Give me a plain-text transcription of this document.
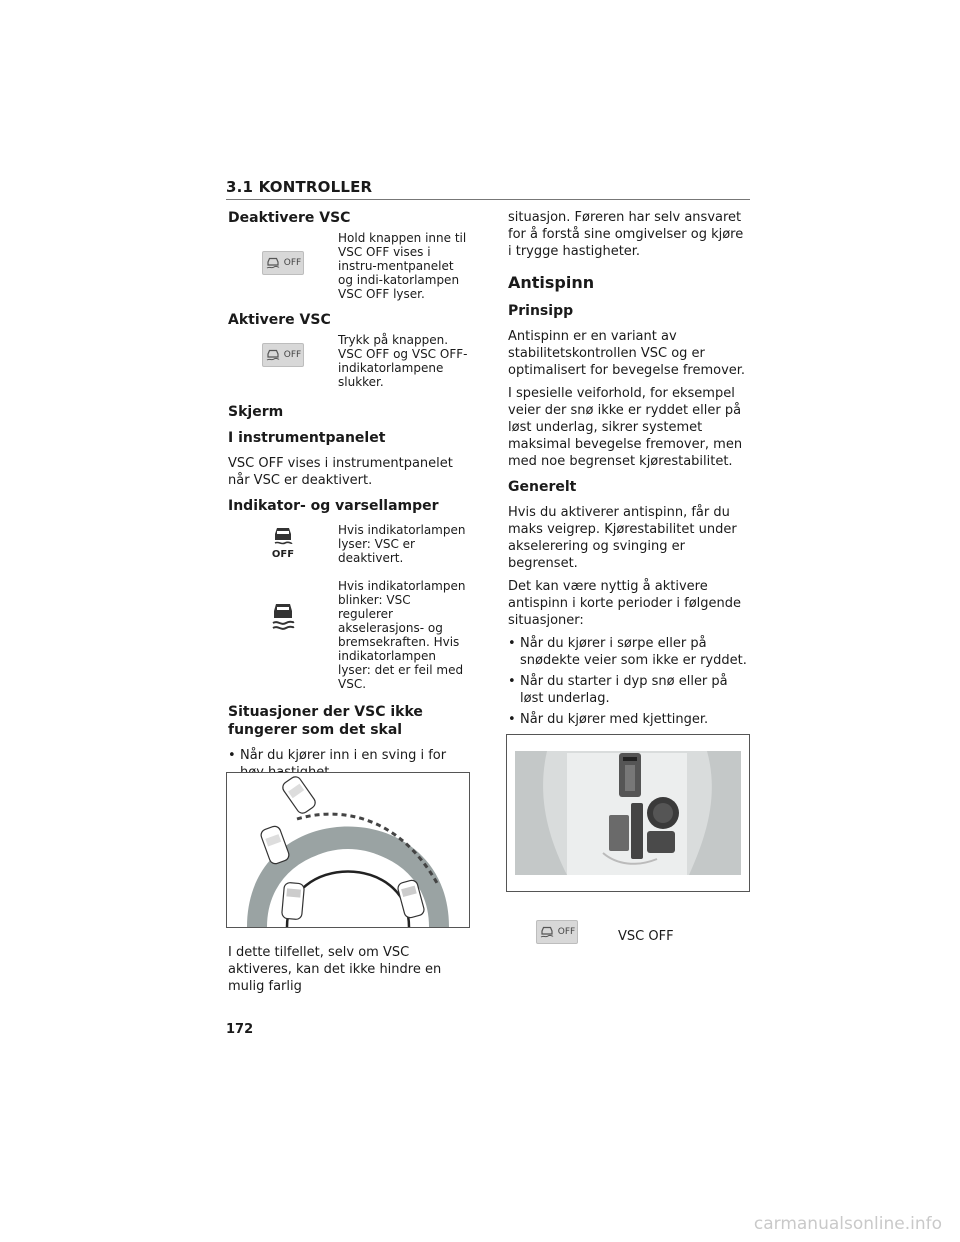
3.1 KONTROLLER
Deaktivere VSC
OFF

Hold knappen inne til VSC OFF vises i instru-mentpanelet og indi-katorlampen VSC OFF lyser.

Aktivere VSC
OFF

Trykk på knappen. VSC OFF og VSC OFF-indikatorlampene slukker.

Skjerm
I instrumentpanelet

VSC OFF vises i instrumentpanelet når VSC er deaktivert.

Indikator- og varsellamper
OFF

Hvis indikatorlampen lyser: VSC er deaktivert.

Hvis indikatorlampen blinker: VSC regulerer akselerasjons- og bremsekraften. Hvis indikatorlampen lyser: det er feil med VSC.

Situasjoner der VSC ikke fungerer som det skal
• Når du kjører inn i en sving i for

I dette tilfellet, selv om VSC aktiveres, kan det ikke hindre en mulig farlig

situasjon. Føreren har selv ansvaret for å forstå sine omgivelser og kjøre i trygge hastigheter.

Antispinn
Prinsipp

Antispinn er en variant av stabilitetskontrollen VSC og er optimalisert for bevegelse fremover.

I spesielle veiforhold, for eksempel veier der snø ikke er ryddet eller på løst underlag, sikrer systemet maksimal bevegelse fremover, men med noe begrenset kjørestabilitet.

Generelt

Hvis du aktiverer antispinn, får du maks veigrep. Kjørestabilitet under akselerering og svinging er begrenset.

Det kan være nyttig å aktivere antispinn i korte perioder i følgende situasjoner:

• Når du kjører i sørpe eller på snødekte veier som ikke er ryddet.
• Når du starter i dyp snø eller på løst underlag.
• Når du kjører med kjettinger.
OFF	VSC OFF
172
carmanualsonline.info
